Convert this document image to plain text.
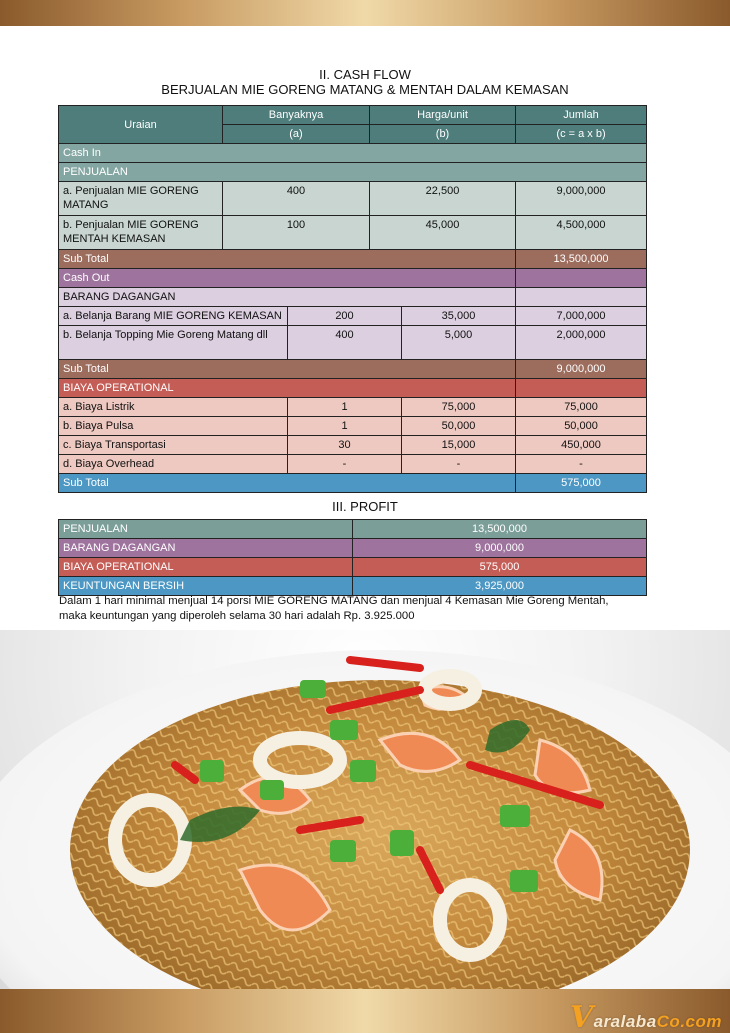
II. CASH FLOW
BERJUALAN MIE GORENG MATANG & MENTAH DALAM KEMASAN
Uraian	Banyaknya		Harga/unit		Jumlah
	(a)		(b)		(c = a x b)
Cash In					
PENJUALAN					
a. Penjualan MIE GORENG MATANG	400		22,500		9,000,000
b. Penjualan MIE GORENG MENTAH KEMASAN	100		45,000		4,500,000
Sub Total					13,500,000
Cash Out					
BARANG DAGANGAN					
a. Belanja Barang MIE GORENG KEMASAN		200		35,000	7,000,000
b. Belanja Topping Mie Goreng Matang dll		400		5,000	2,000,000
Sub Total					9,000,000
BIAYA OPERATIONAL					
a. Biaya Listrik		1		75,000	75,000
b. Biaya Pulsa		1		50,000	50,000
c. Biaya Transportasi		30		15,000	450,000
d. Biaya Overhead		-		-	-
Sub Total					575,000
III. PROFIT
PENJUALAN	13,500,000
BARANG DAGANGAN	9,000,000
BIAYA OPERATIONAL	575,000
KEUNTUNGAN BERSIH	3,925,000
Dalam 1 hari minimal menjual 14 porsi MIE GORENG MATANG dan menjual 4 Kemasan Mie Goreng Mentah,
maka keuntungan yang diperoleh selama 30 hari adalah Rp. 3.925.000
VaralabaCo.com
